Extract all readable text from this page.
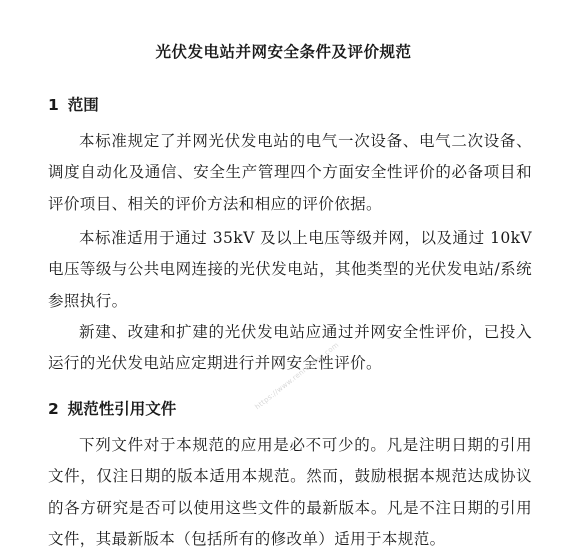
光伏发电站并网安全条件及评价规范
1 范围

本标准规定了并网光伏发电站的电气一次设备、电气二次设备、调度自动化及通信、安全生产管理四个方面安全性评价的必备项目和评价项目、相关的评价方法和相应的评价依据。

本标准适用于通过 35kV 及以上电压等级并网，以及通过 10kV 电压等级与公共电网连接的光伏发电站，其他类型的光伏发电站/系统参照执行。

新建、改建和扩建的光伏发电站应通过并网安全性评价，已投入运行的光伏发电站应定期进行并网安全性评价。

2 规范性引用文件

下列文件对于本规范的应用是必不可少的。凡是注明日期的引用文件，仅注日期的版本适用本规范。然而，鼓励根据本规范达成协议的各方研究是否可以使用这些文件的最新版本。凡是不注日期的引用文件，其最新版本（包括所有的修改单）适用于本规范。

https://www.renrendoc.com
